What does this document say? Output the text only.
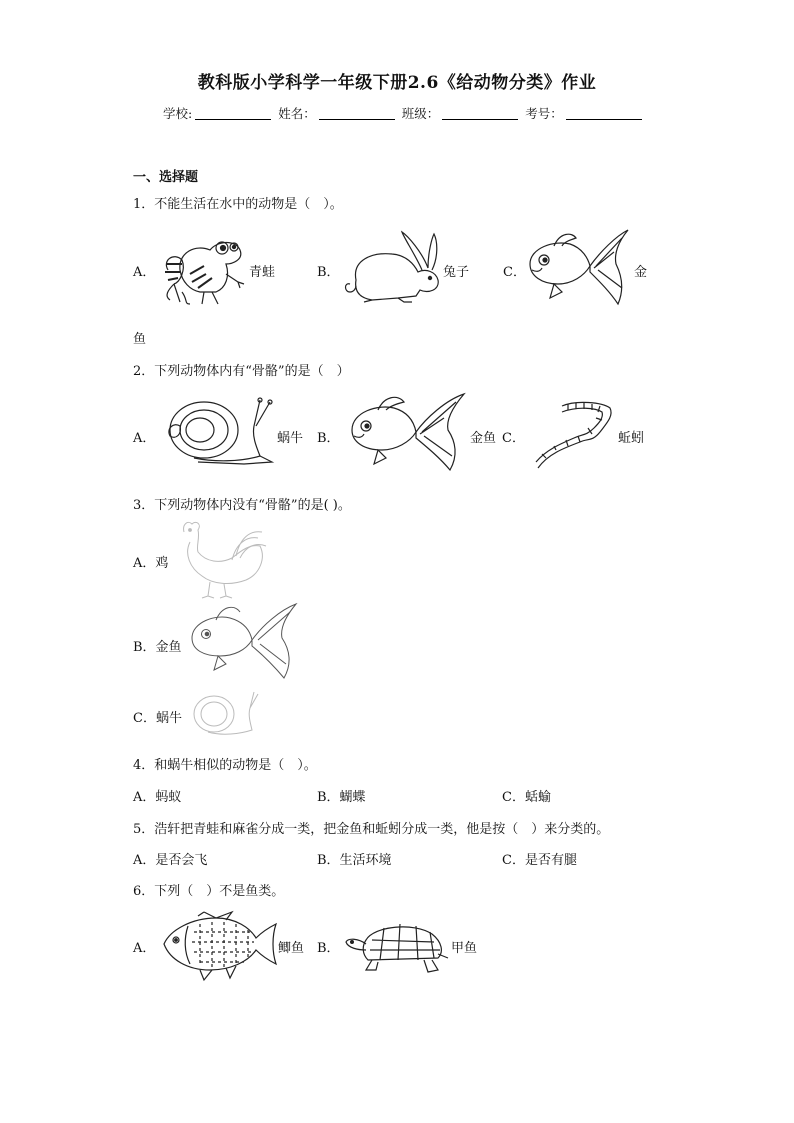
教科版小学科学一年级下册2.6《给动物分类》作业
学校:	姓名：	班级：	考号：
一、选择题
1．不能生活在水中的动物是（　）。
A．	青蛙	B．	兔子	C．	金
鱼
2．下列动物体内有“骨骼”的是（　）
A．	蜗牛 B．	金鱼 C．	蚯蚓
3．下列动物体内没有“骨骼”的是( )。
A．鸡
B．金鱼
C．蜗牛
4．和蜗牛相似的动物是（　）。
A．蚂蚁	B．蝴蝶	C．蛞蝓
5．浩轩把青蛙和麻雀分成一类，把金鱼和蚯蚓分成一类，他是按（　）来分类的。
A．是否会飞	B．生活环境	C．是否有腿
6．下列（　）不是鱼类。
A．	鲫鱼 B．	甲鱼
